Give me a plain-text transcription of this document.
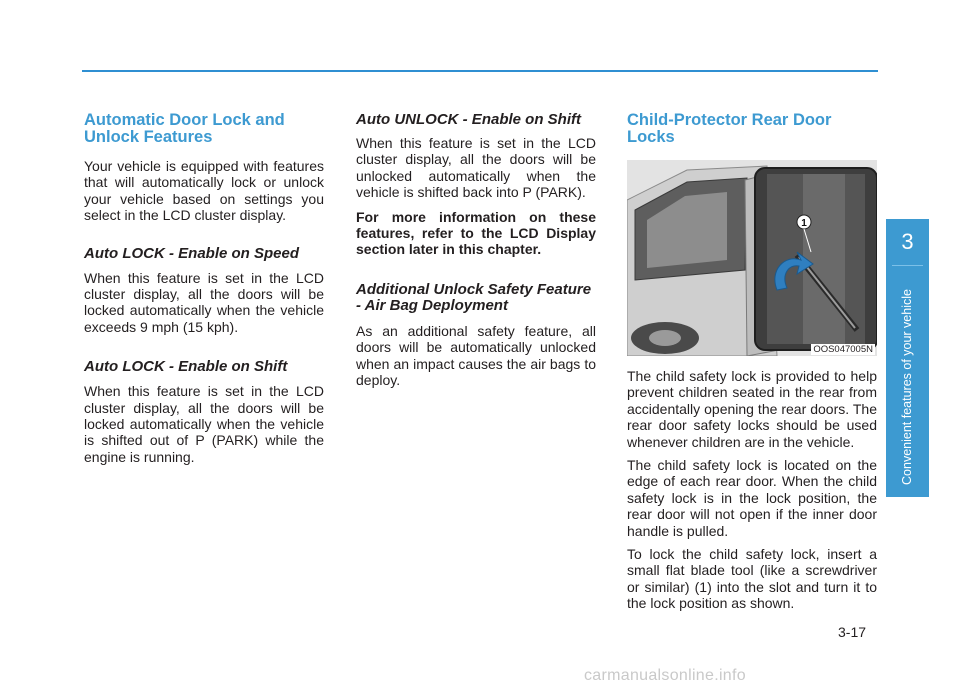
Automatic Door Lock and Unlock Features

Your vehicle is equipped with features that will automatically lock or unlock your vehicle based on settings you select in the LCD cluster display.

Auto LOCK - Enable on Speed

When this feature is set in the LCD cluster display, all the doors will be locked automatically when the vehicle exceeds 9 mph (15 kph).

Auto LOCK - Enable on Shift

When this feature is set in the LCD cluster display, all the doors will be locked automatically when the vehicle is shifted out of P (PARK) while the engine is running.

Auto UNLOCK - Enable on Shift

When this feature is set in the LCD cluster display, all the doors will be unlocked automatically when the vehicle is shifted back into P (PARK).

For more information on these features, refer to the LCD Display section later in this chapter.

Additional Unlock Safety Feature - Air Bag Deployment

As an additional safety feature, all doors will be automatically unlocked when an impact causes the air bags to deploy.

Child-Protector Rear Door Locks
1
OOS047005N

The child safety lock is provided to help prevent children seated in the rear from accidentally opening the rear doors. The rear door safety locks should be used whenever children are in the vehicle.

The child safety lock is located on the edge of each rear door. When the child safety lock is in the lock position, the rear door will not open if the inner door handle is pulled.

To lock the child safety lock, insert a small flat blade tool (like a screwdriver or similar) (1) into the slot and turn it to the lock position as shown.

3
Convenient features of your vehicle
3-17
carmanualsonline.info
